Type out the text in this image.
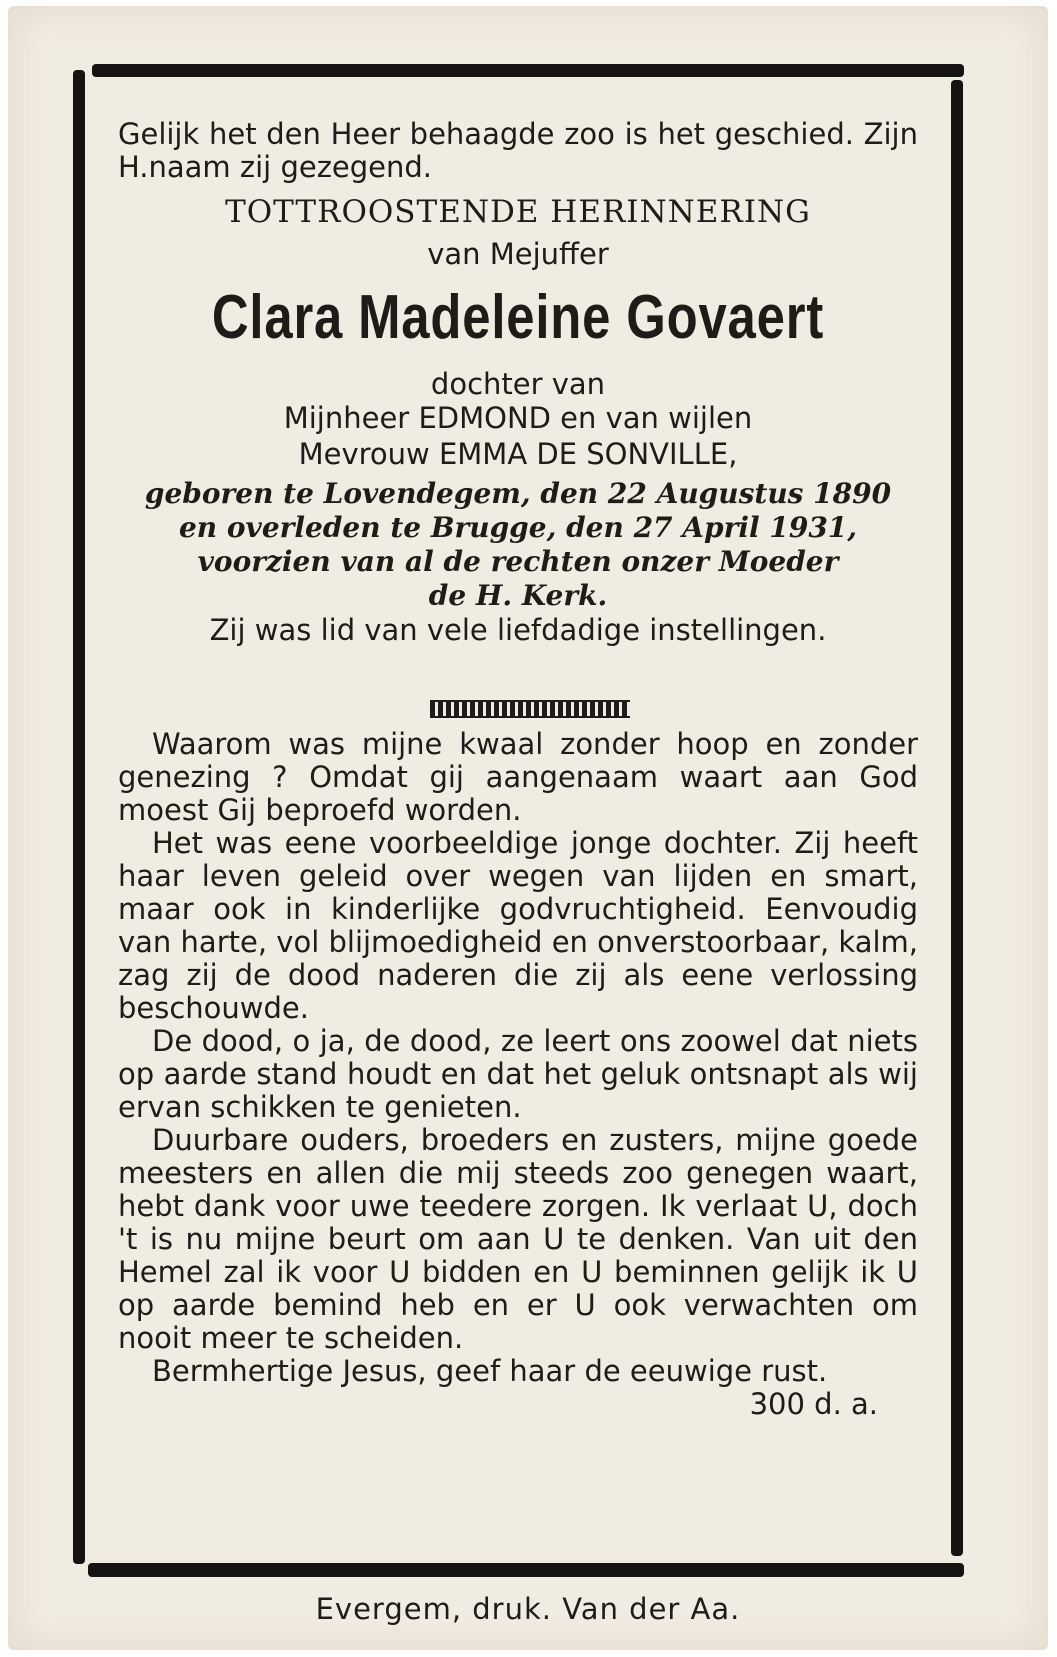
Gelijk het den Heer behaagde zoo is het geschied. Zijn H.naam zij gezegend.
TOTTROOSTENDE HERINNERING
van Mejuffer
Clara Madeleine Govaert
dochter van
Mijnheer EDMOND en van wijlen
Mevrouw EMMA DE SONVILLE,
geboren te Lovendegem, den 22 Augustus 1890
en overleden te Brugge, den 27 April 1931,
voorzien van al de rechten onzer Moeder
de H. Kerk.
Zij was lid van vele liefdadige instellingen.

Waarom was mijne kwaal zonder hoop en zonder genezing ? Omdat gij aangenaam waart aan God moest Gij beproefd worden.

Het was eene voorbeeldige jonge dochter. Zij heeft haar leven geleid over wegen van lijden en smart, maar ook in kinderlijke godvruchtigheid. Eenvoudig van harte, vol blijmoedigheid en onverstoorbaar, kalm, zag zij de dood naderen die zij als eene verlossing beschouwde.

De dood, o ja, de dood, ze leert ons zoowel dat niets op aarde stand houdt en dat het geluk ontsnapt als wij ervan schikken te genieten.

Duurbare ouders, broeders en zusters, mijne goede meesters en allen die mij steeds zoo genegen waart, hebt dank voor uwe teedere zorgen. Ik verlaat U, doch 't is nu mijne beurt om aan U te denken. Van uit den Hemel zal ik voor U bidden en U beminnen gelijk ik U op aarde bemind heb en er U ook verwachten om nooit meer te scheiden.

Bermhertige Jesus, geef haar de eeuwige rust.

300 d. a.
Evergem, druk. Van der Aa.
